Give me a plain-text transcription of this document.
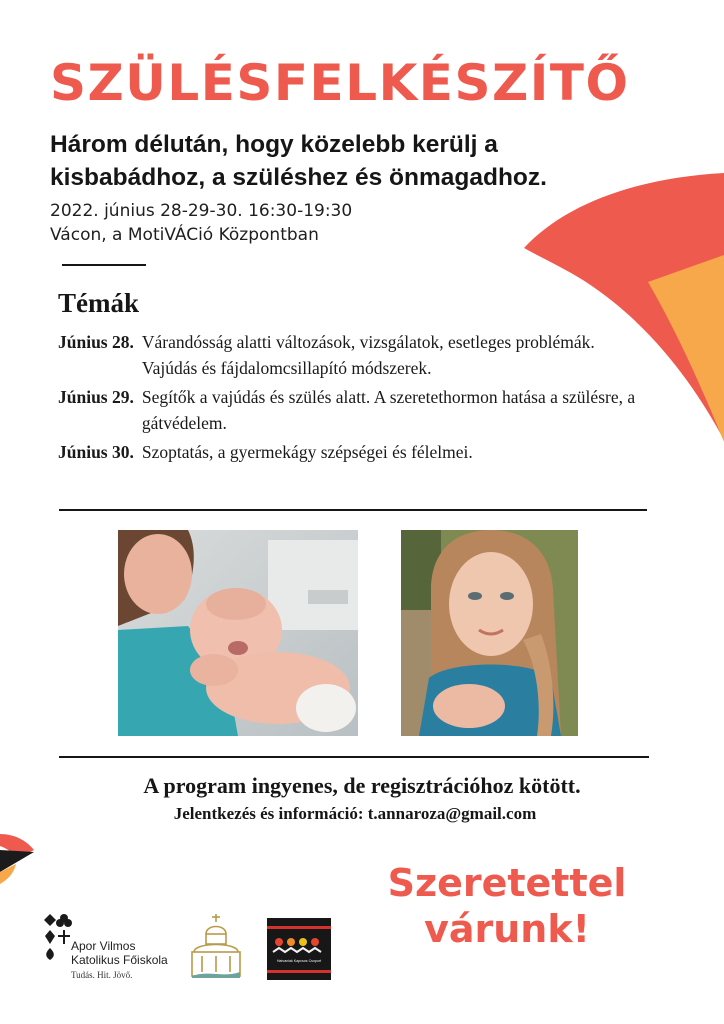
SZÜLÉSFELKÉSZÍTŐ
Három délután, hogy közelebb kerülj a kisbabádhoz, a szüléshez és önmagadhoz.
2022. június 28-29-30. 16:30-19:30
Vácon, a MotiVÁCió Központban
Témák
Június 28.	Várandósság alatti változások, vizsgálatok, esetleges problémák. Vajúdás és fájdalomcsillapító módszerek.
Június 29.	Segítők a vajúdás és szülés alatt. A szeretethormon hatása a szülésre, a gátvédelem.
Június 30.	Szoptatás, a gyermekágy szépségei és félelmei.
A program ingyenes, de regisztrációhoz kötött.
Jelentkezés és információ: t.annaroza@gmail.com
Szeretettel
várunk!
Apor Vilmos
Katolikus Főiskola
Tudás. Hit. Jövő.
Hatvaniak Kapcsos Csoport
